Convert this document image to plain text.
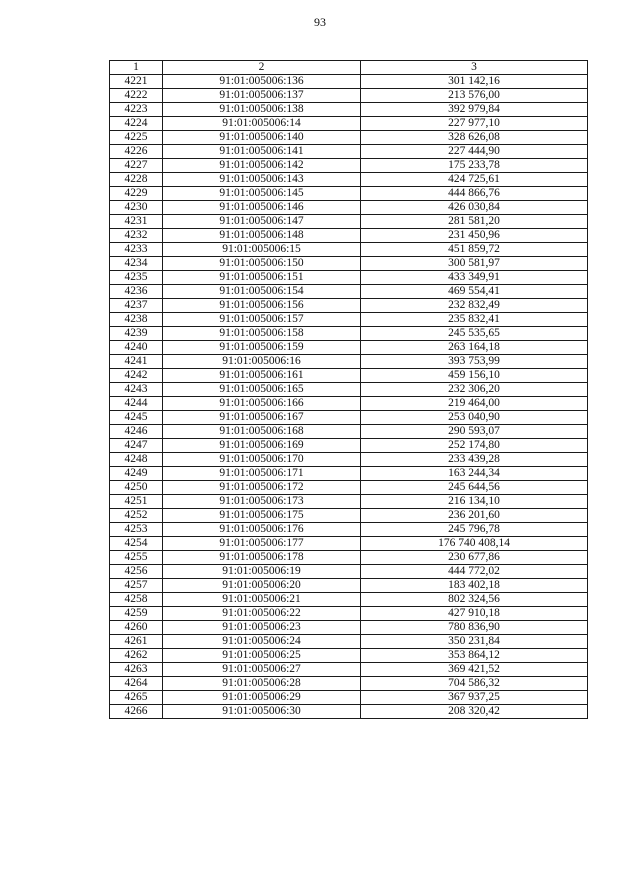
93
1	2	3
4221	91:01:005006:136	301 142,16
4222	91:01:005006:137	213 576,00
4223	91:01:005006:138	392 979,84
4224	91:01:005006:14	227 977,10
4225	91:01:005006:140	328 626,08
4226	91:01:005006:141	227 444,90
4227	91:01:005006:142	175 233,78
4228	91:01:005006:143	424 725,61
4229	91:01:005006:145	444 866,76
4230	91:01:005006:146	426 030,84
4231	91:01:005006:147	281 581,20
4232	91:01:005006:148	231 450,96
4233	91:01:005006:15	451 859,72
4234	91:01:005006:150	300 581,97
4235	91:01:005006:151	433 349,91
4236	91:01:005006:154	469 554,41
4237	91:01:005006:156	232 832,49
4238	91:01:005006:157	235 832,41
4239	91:01:005006:158	245 535,65
4240	91:01:005006:159	263 164,18
4241	91:01:005006:16	393 753,99
4242	91:01:005006:161	459 156,10
4243	91:01:005006:165	232 306,20
4244	91:01:005006:166	219 464,00
4245	91:01:005006:167	253 040,90
4246	91:01:005006:168	290 593,07
4247	91:01:005006:169	252 174,80
4248	91:01:005006:170	233 439,28
4249	91:01:005006:171	163 244,34
4250	91:01:005006:172	245 644,56
4251	91:01:005006:173	216 134,10
4252	91:01:005006:175	236 201,60
4253	91:01:005006:176	245 796,78
4254	91:01:005006:177	176 740 408,14
4255	91:01:005006:178	230 677,86
4256	91:01:005006:19	444 772,02
4257	91:01:005006:20	183 402,18
4258	91:01:005006:21	802 324,56
4259	91:01:005006:22	427 910,18
4260	91:01:005006:23	780 836,90
4261	91:01:005006:24	350 231,84
4262	91:01:005006:25	353 864,12
4263	91:01:005006:27	369 421,52
4264	91:01:005006:28	704 586,32
4265	91:01:005006:29	367 937,25
4266	91:01:005006:30	208 320,42
